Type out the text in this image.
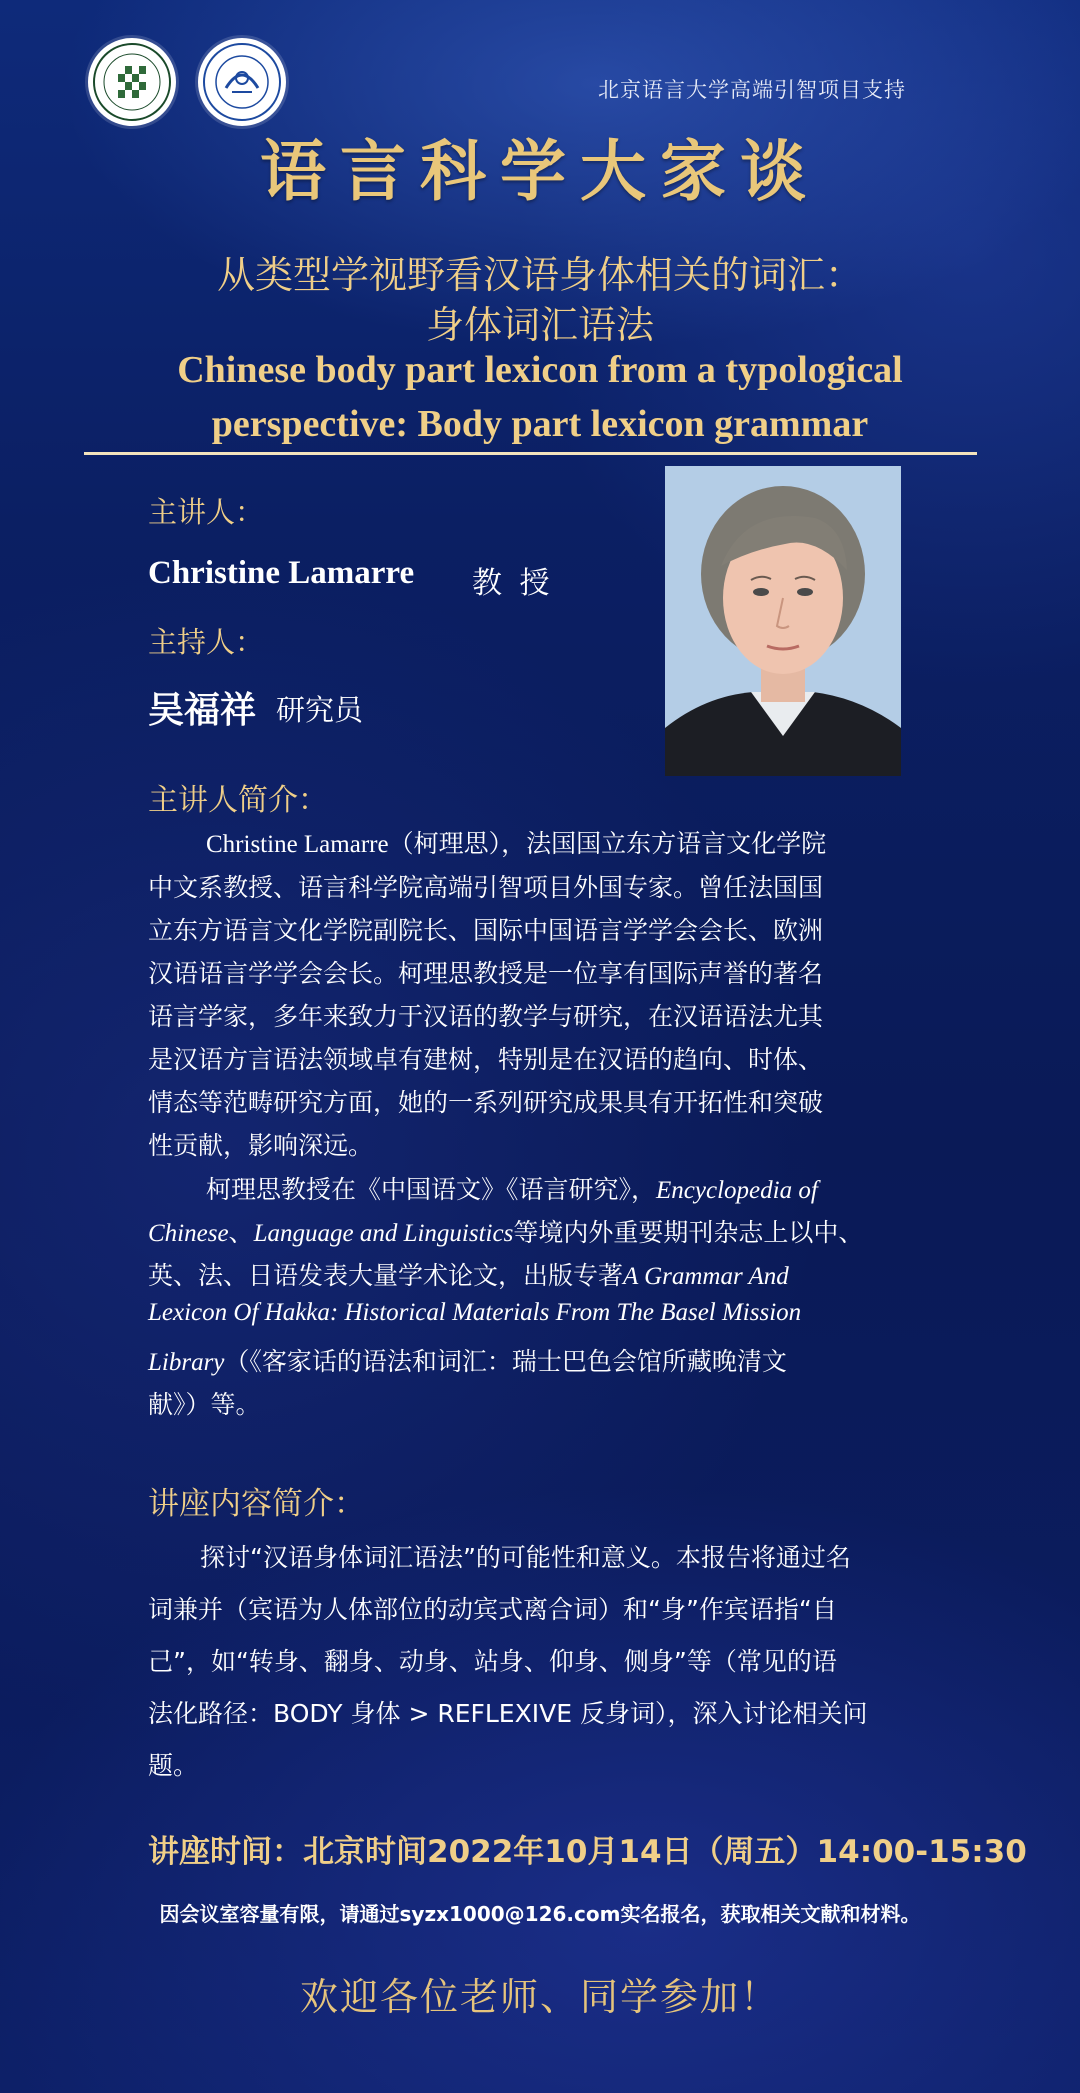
北京语言大学高端引智项目支持
语言科学大家谈
从类型学视野看汉语身体相关的词汇：
身体词汇语法
Chinese body part lexicon from a typological
perspective: Body part lexicon grammar
主讲人：
Christine Lamarre 教 授
主持人：
吴福祥 研究员
主讲人简介：
Christine Lamarre（柯理思），法国国立东方语言文化学院
中文系教授、语言科学院高端引智项目外国专家。曾任法国国
立东方语言文化学院副院长、国际中国语言学学会会长、欧洲
汉语语言学学会会长。柯理思教授是一位享有国际声誉的著名
语言学家，多年来致力于汉语的教学与研究，在汉语语法尤其
是汉语方言语法领域卓有建树，特别是在汉语的趋向、时体、
情态等范畴研究方面，她的一系列研究成果具有开拓性和突破
性贡献，影响深远。
柯理思教授在《中国语文》《语言研究》，Encyclopedia of
Chinese、Language and Linguistics等境内外重要期刊杂志上以中、
英、法、日语发表大量学术论文，出版专著A Grammar And
Lexicon Of Hakka: Historical Materials From The Basel Mission
Library（《客家话的语法和词汇：瑞士巴色会馆所藏晚清文
献》）等。
讲座内容简介：
探讨“汉语身体词汇语法”的可能性和意义。本报告将通过名
词兼并（宾语为人体部位的动宾式离合词）和“身”作宾语指“自
己”，如“转身、翻身、动身、站身、仰身、侧身”等（常见的语
法化路径：BODY 身体 > REFLEXIVE 反身词），深入讨论相关问
题。
讲座时间：北京时间2022年10月14日（周五）14:00-15:30
因会议室容量有限，请通过syzx1000@126.com实名报名，获取相关文献和材料。
欢迎各位老师、同学参加！
